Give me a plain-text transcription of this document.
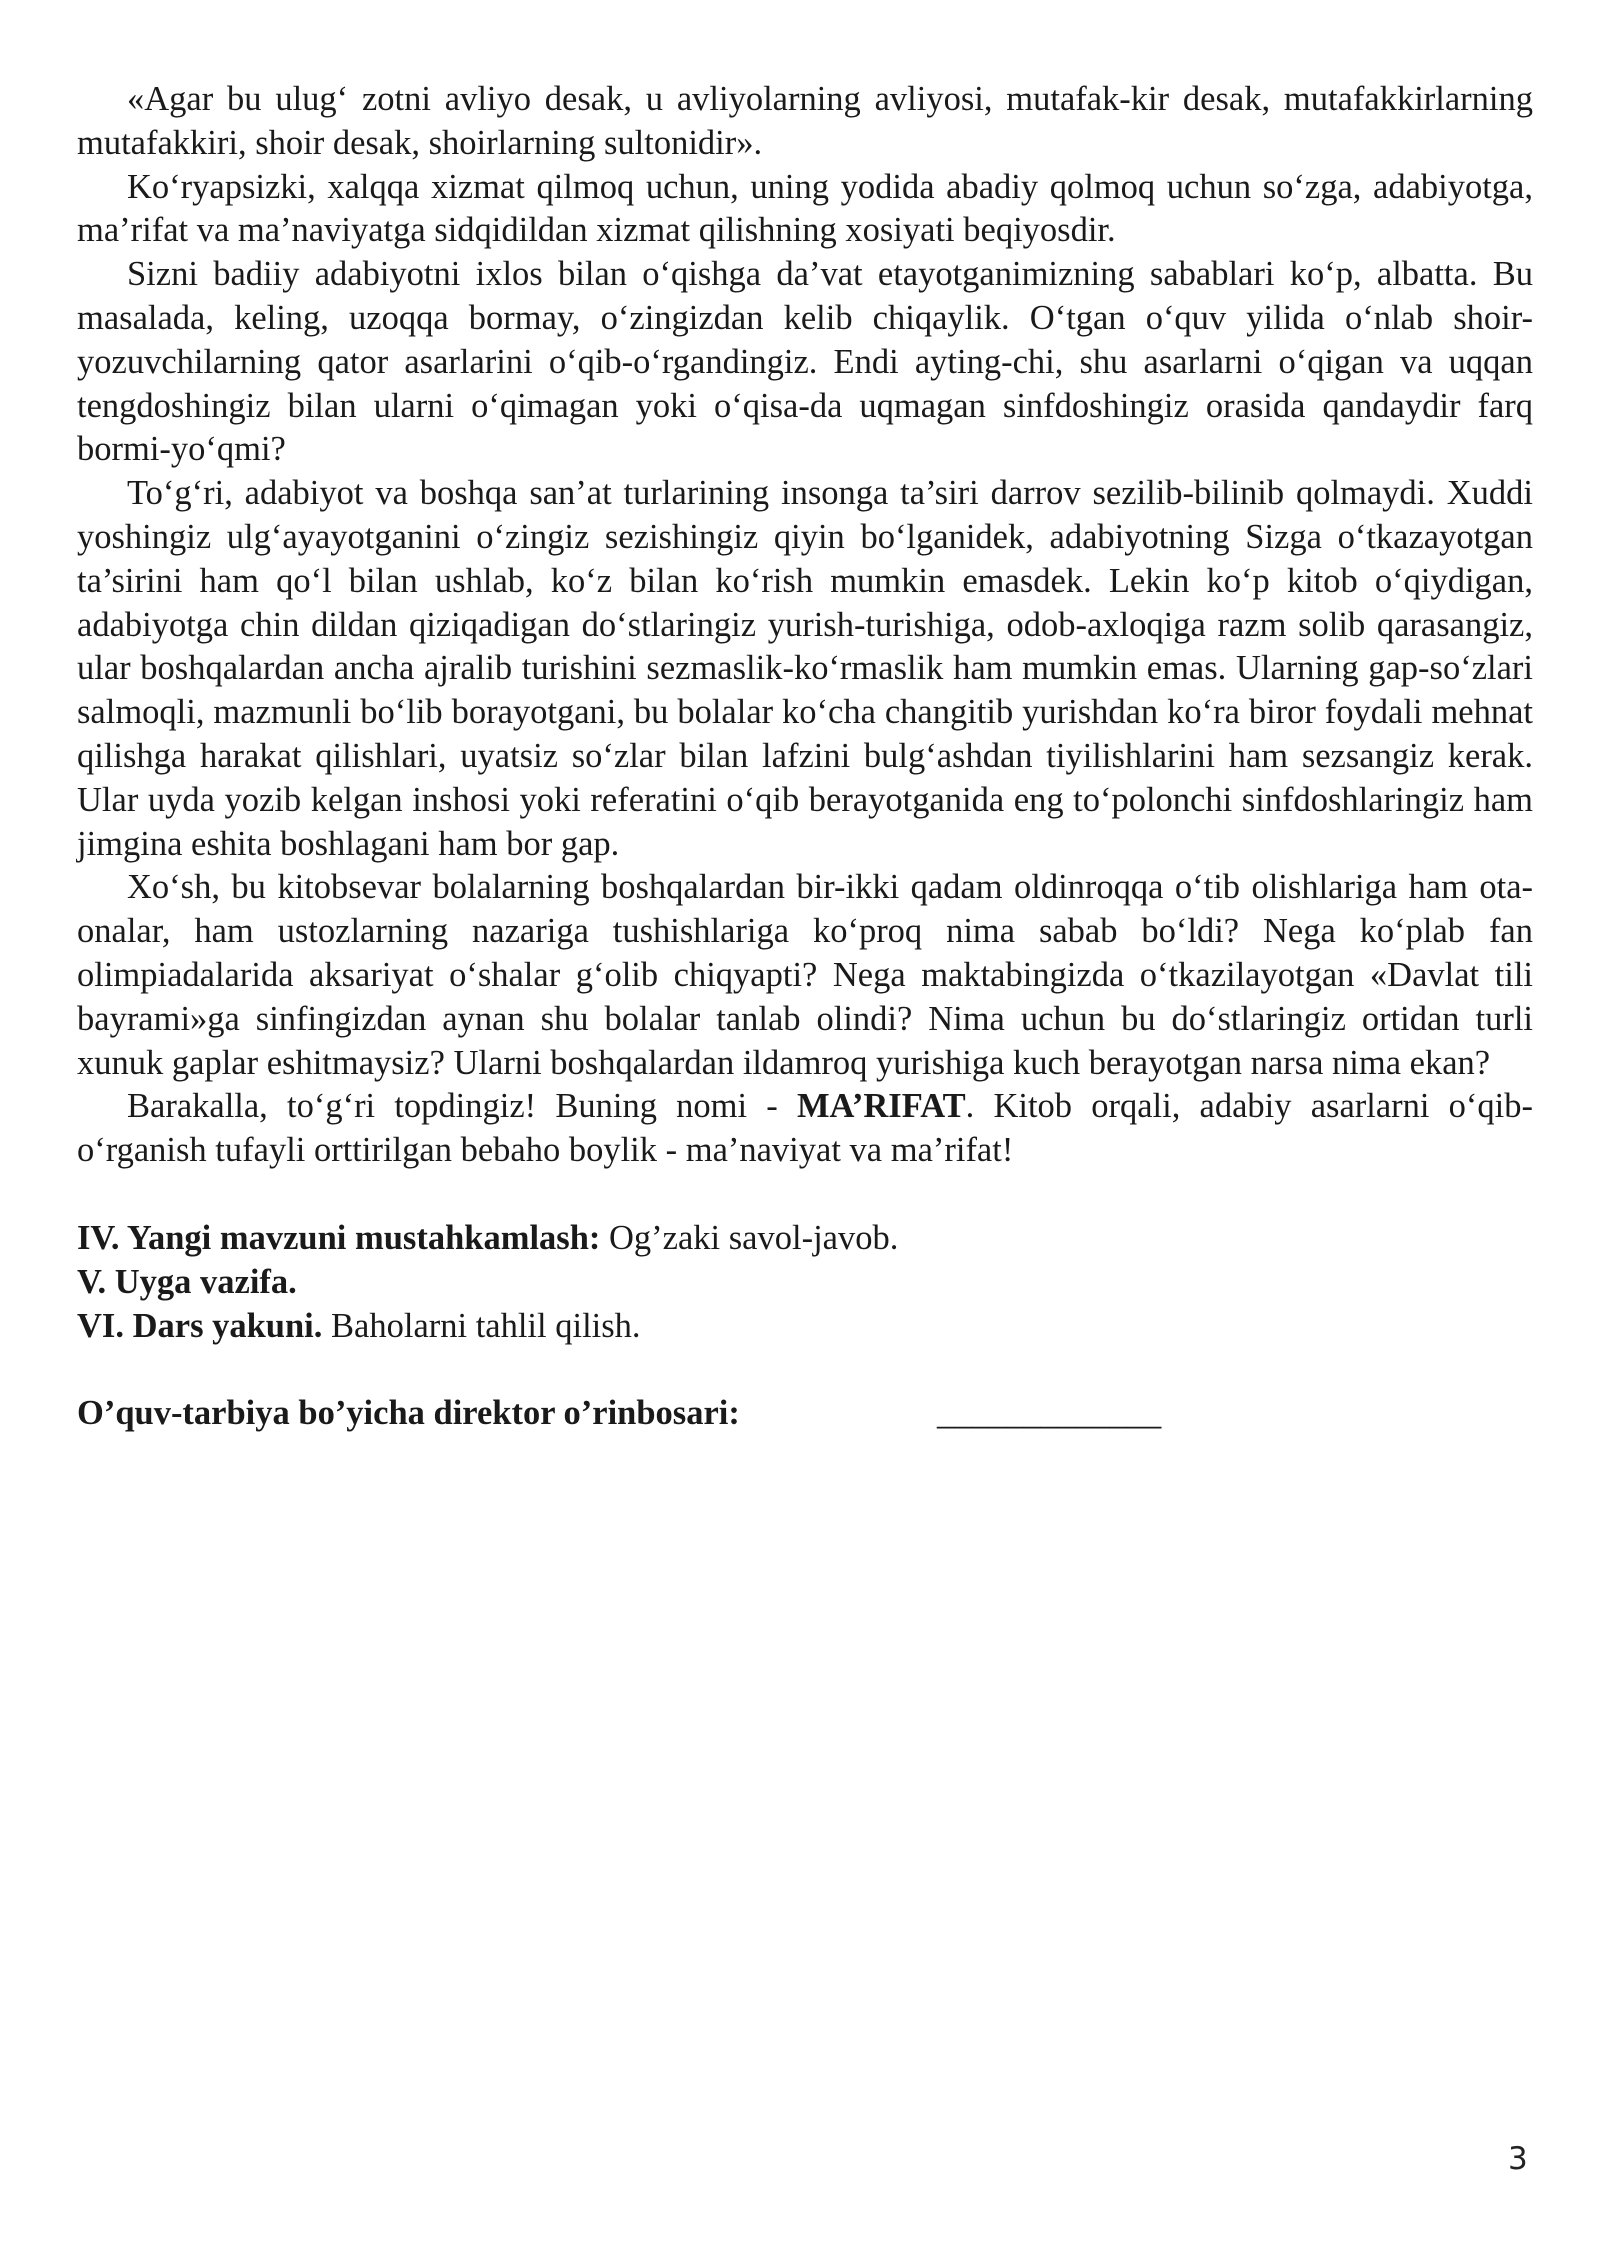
«Agar bu ulug‘ zotni avliyo desak, u avliyolarning avliyosi, mutafak-kir desak, mutafakkirlarning mutafakkiri, shoir desak, shoirlarning sultonidir».

Ko‘ryapsizki, xalqqa xizmat qilmoq uchun, uning yodida abadiy qolmoq uchun so‘zga, adabiyotga, ma’rifat va ma’naviyatga sidqidildan xizmat qilishning xosiyati beqiyosdir.

Sizni badiiy adabiyotni ixlos bilan o‘qishga da’vat etayotganimizning sabablari ko‘p, albatta. Bu masalada, keling, uzoqqa bormay, o‘zingizdan kelib chiqaylik. O‘tgan o‘quv yilida o‘nlab shoir-yozuvchilarning qator asarlarini o‘qib-o‘rgandingiz. Endi ayting-chi, shu asarlarni o‘qigan va uqqan tengdoshingiz bilan ularni o‘qimagan yoki o‘qisa-da uqmagan sinfdoshingiz orasida qandaydir farq bormi-yo‘qmi?

To‘g‘ri, adabiyot va boshqa san’at turlarining insonga ta’siri darrov sezilib-bilinib qolmaydi. Xuddi yoshingiz ulg‘ayayotganini o‘zingiz sezishingiz qiyin bo‘lganidek, adabiyotning Sizga o‘tkazayotgan ta’sirini ham qo‘l bilan ushlab, ko‘z bilan ko‘rish mumkin emasdek. Lekin ko‘p kitob o‘qiydigan, adabiyotga chin dildan qiziqadigan do‘stlaringiz yurish-turishiga, odob-axloqiga razm solib qarasangiz, ular boshqalardan ancha ajralib turishini sezmaslik-ko‘rmaslik ham mumkin emas. Ularning gap-so‘zlari salmoqli, mazmunli bo‘lib borayotgani, bu bolalar ko‘cha changitib yurishdan ko‘ra biror foydali mehnat qilishga harakat qilishlari, uyatsiz so‘zlar bilan lafzini bulg‘ashdan tiyilishlarini ham sezsangiz kerak. Ular uyda yozib kelgan inshosi yoki referatini o‘qib berayotganida eng to‘polonchi sinfdoshlaringiz ham jimgina eshita boshlagani ham bor gap.

Xo‘sh, bu kitobsevar bolalarning boshqalardan bir-ikki qadam oldinroqqa o‘tib olishlariga ham ota-onalar, ham ustozlarning nazariga tushishlariga ko‘proq nima sabab bo‘ldi? Nega ko‘plab fan olimpiadalarida aksariyat o‘shalar g‘olib chiqyapti? Nega maktabingizda o‘tkazilayotgan «Davlat tili bayrami»ga sinfingizdan aynan shu bolalar tanlab olindi? Nima uchun bu do‘stlaringiz ortidan turli xunuk gaplar eshitmaysiz? Ularni boshqalardan ildamroq yurishiga kuch berayotgan narsa nima ekan?

Barakalla, to‘g‘ri topdingiz! Buning nomi - MA’RIFAT. Kitob orqali, adabiy asarlarni o‘qib-o‘rganish tufayli orttirilgan bebaho boylik - ma’naviyat va ma’rifat!

IV. Yangi mavzuni mustahkamlash: Og’zaki savol-javob.

V. Uyga vazifa.

VI. Dars yakuni. Baholarni tahlil qilish.

O’quv-tarbiya bo’yicha direktor o’rinbosari:	_____________

3
